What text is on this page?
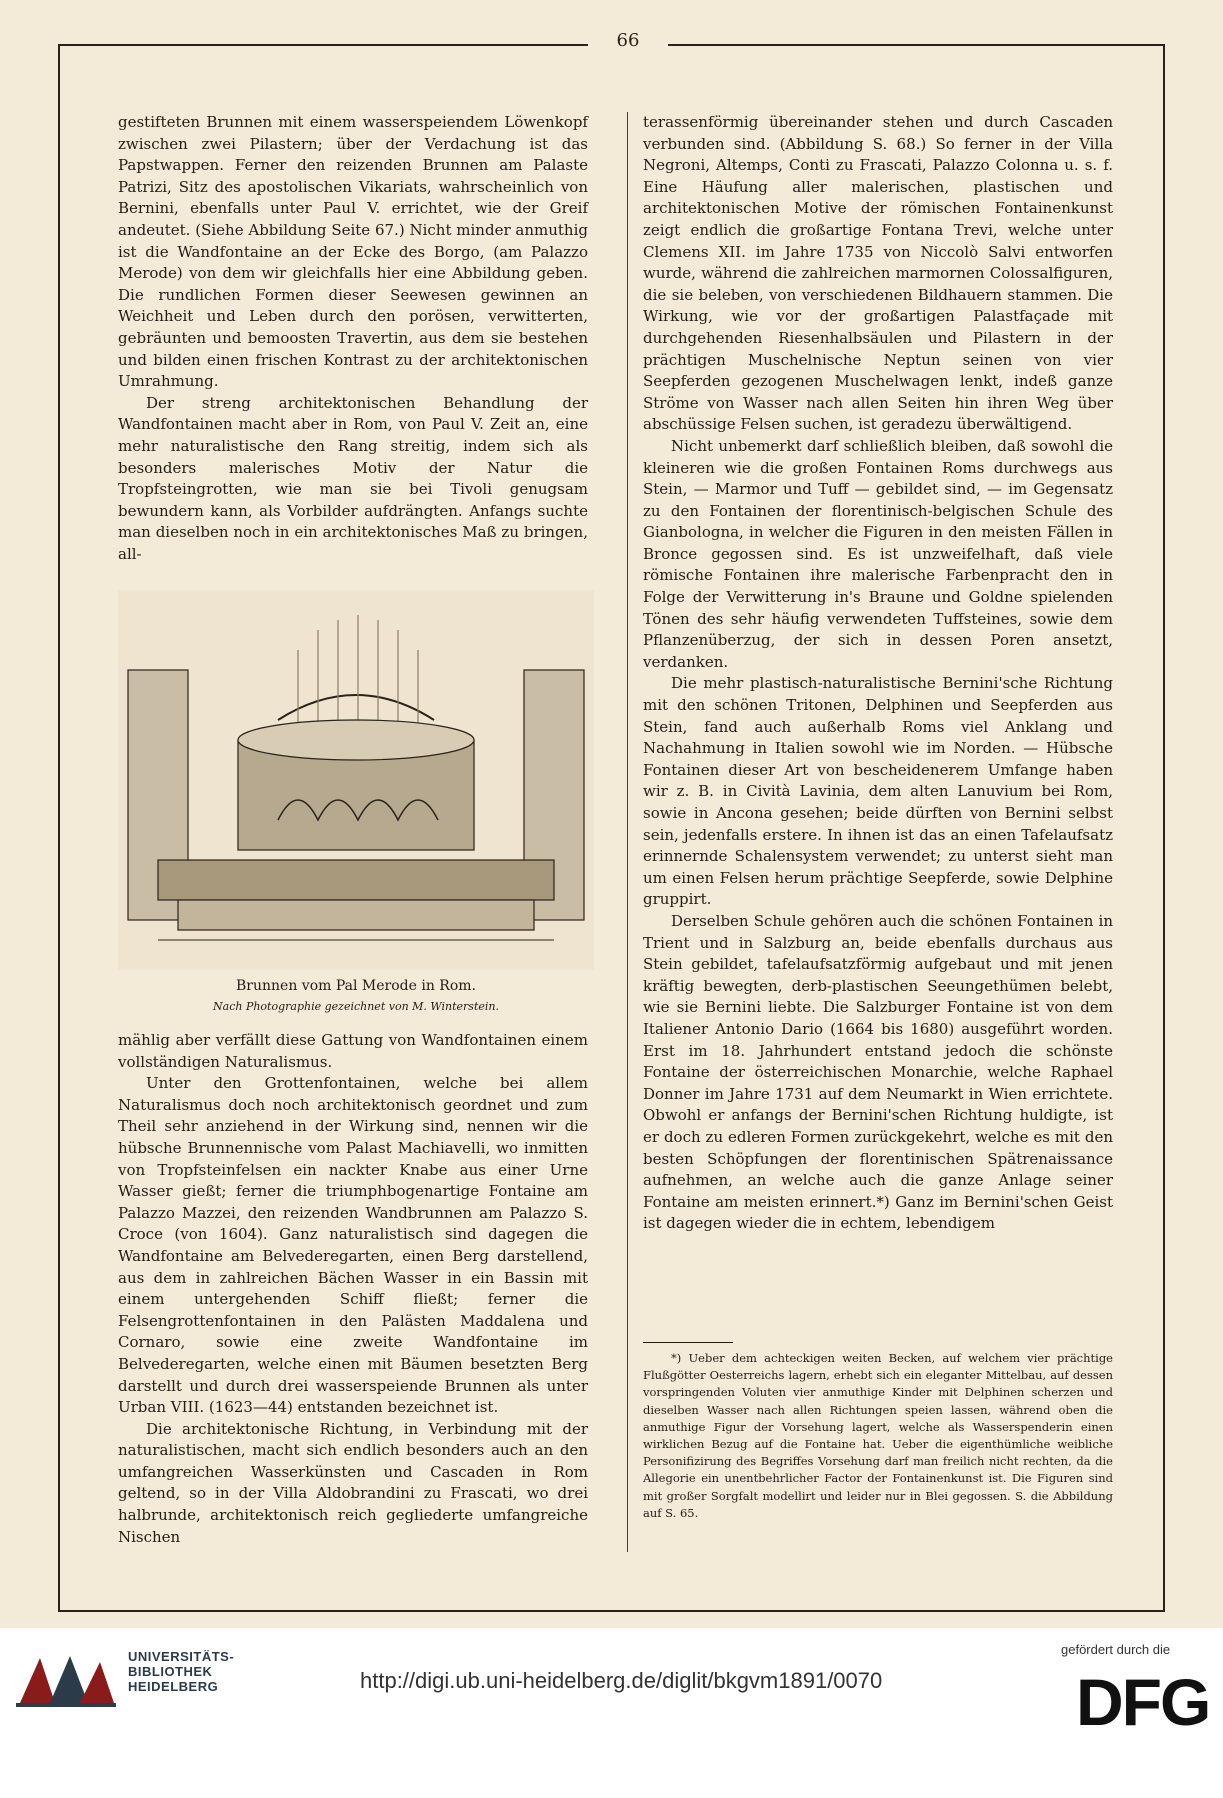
66

gestifteten Brunnen mit einem wasserspeiendem Löwenkopf zwischen zwei Pilastern; über der Verdachung ist das Papstwappen. Ferner den reizenden Brunnen am Palaste Patrizi, Sitz des apostolischen Vikariats, wahrscheinlich von Bernini, ebenfalls unter Paul V. errichtet, wie der Greif andeutet. (Siehe Abbildung Seite 67.) Nicht minder anmuthig ist die Wandfontaine an der Ecke des Borgo, (am Palazzo Merode) von dem wir gleichfalls hier eine Abbildung geben. Die rundlichen Formen dieser Seewesen gewinnen an Weichheit und Leben durch den porösen, verwitterten, gebräunten und bemoosten Travertin, aus dem sie bestehen und bilden einen frischen Kontrast zu der architektonischen Umrahmung.

Der streng architektonischen Behandlung der Wandfontainen macht aber in Rom, von Paul V. Zeit an, eine mehr naturalistische den Rang streitig, indem sich als besonders malerisches Motiv der Natur die Tropfsteingrotten, wie man sie bei Tivoli genugsam bewundern kann, als Vorbilder aufdrängten. Anfangs suchte man dieselben noch in ein architektonisches Maß zu bringen, all-

Brunnen vom Pal Merode in Rom.
Nach Photographie gezeichnet von M. Winterstein.

mählig aber verfällt diese Gattung von Wandfontainen einem vollständigen Naturalismus.

Unter den Grottenfontainen, welche bei allem Naturalismus doch noch architektonisch geordnet und zum Theil sehr anziehend in der Wirkung sind, nennen wir die hübsche Brunnennische vom Palast Machiavelli, wo inmitten von Tropfsteinfelsen ein nackter Knabe aus einer Urne Wasser gießt; ferner die triumphbogenartige Fontaine am Palazzo Mazzei, den reizenden Wandbrunnen am Palazzo S. Croce (von 1604). Ganz naturalistisch sind dagegen die Wandfontaine am Belvederegarten, einen Berg darstellend, aus dem in zahlreichen Bächen Wasser in ein Bassin mit einem untergehenden Schiff fließt; ferner die Felsengrottenfontainen in den Palästen Maddalena und Cornaro, sowie eine zweite Wandfontaine im Belvederegarten, welche einen mit Bäumen besetzten Berg darstellt und durch drei wasserspeiende Brunnen als unter Urban VIII. (1623—44) entstanden bezeichnet ist.

Die architektonische Richtung, in Verbindung mit der naturalistischen, macht sich endlich besonders auch an den umfangreichen Wasserkünsten und Cascaden in Rom geltend, so in der Villa Aldobrandini zu Frascati, wo drei halbrunde, architektonisch reich gegliederte umfangreiche Nischen

terassenförmig übereinander stehen und durch Cascaden verbunden sind. (Abbildung S. 68.) So ferner in der Villa Negroni, Altemps, Conti zu Frascati, Palazzo Colonna u. s. f. Eine Häufung aller malerischen, plastischen und architektonischen Motive der römischen Fontainenkunst zeigt endlich die großartige Fontana Trevi, welche unter Clemens XII. im Jahre 1735 von Niccolò Salvi entworfen wurde, während die zahlreichen marmornen Colossalfiguren, die sie beleben, von verschiedenen Bildhauern stammen. Die Wirkung, wie vor der großartigen Palastfaçade mit durchgehenden Riesenhalbsäulen und Pilastern in der prächtigen Muschelnische Neptun seinen von vier Seepferden gezogenen Muschelwagen lenkt, indeß ganze Ströme von Wasser nach allen Seiten hin ihren Weg über abschüssige Felsen suchen, ist geradezu überwältigend.

Nicht unbemerkt darf schließlich bleiben, daß sowohl die kleineren wie die großen Fontainen Roms durchwegs aus Stein, — Marmor und Tuff — gebildet sind, — im Gegensatz zu den Fontainen der florentinisch-belgischen Schule des Gianbologna, in welcher die Figuren in den meisten Fällen in Bronce gegossen sind. Es ist unzweifelhaft, daß viele römische Fontainen ihre malerische Farbenpracht den in Folge der Verwitterung in's Braune und Goldne spielenden Tönen des sehr häufig verwendeten Tuffsteines, sowie dem Pflanzenüberzug, der sich in dessen Poren ansetzt, verdanken.

Die mehr plastisch-naturalistische Bernini'sche Richtung mit den schönen Tritonen, Delphinen und Seepferden aus Stein, fand auch außerhalb Roms viel Anklang und Nachahmung in Italien sowohl wie im Norden. — Hübsche Fontainen dieser Art von bescheidenerem Umfange haben wir z. B. in Cività Lavinia, dem alten Lanuvium bei Rom, sowie in Ancona gesehen; beide dürften von Bernini selbst sein, jedenfalls erstere. In ihnen ist das an einen Tafelaufsatz erinnernde Schalensystem verwendet; zu unterst sieht man um einen Felsen herum prächtige Seepferde, sowie Delphine gruppirt.

Derselben Schule gehören auch die schönen Fontainen in Trient und in Salzburg an, beide ebenfalls durchaus aus Stein gebildet, tafelaufsatzförmig aufgebaut und mit jenen kräftig bewegten, derb-plastischen Seeungethümen belebt, wie sie Bernini liebte. Die Salzburger Fontaine ist von dem Italiener Antonio Dario (1664 bis 1680) ausgeführt worden. Erst im 18. Jahrhundert entstand jedoch die schönste Fontaine der österreichischen Monarchie, welche Raphael Donner im Jahre 1731 auf dem Neumarkt in Wien errichtete. Obwohl er anfangs der Bernini'schen Richtung huldigte, ist er doch zu edleren Formen zurückgekehrt, welche es mit den besten Schöpfungen der florentinischen Spätrenaissance aufnehmen, an welche auch die ganze Anlage seiner Fontaine am meisten erinnert.*) Ganz im Bernini'schen Geist ist dagegen wieder die in echtem, lebendigem

*) Ueber dem achteckigen weiten Becken, auf welchem vier prächtige Flußgötter Oesterreichs lagern, erhebt sich ein eleganter Mittelbau, auf dessen vorspringenden Voluten vier anmuthige Kinder mit Delphinen scherzen und dieselben Wasser nach allen Richtungen speien lassen, während oben die anmuthige Figur der Vorsehung lagert, welche als Wasserspenderin einen wirklichen Bezug auf die Fontaine hat. Ueber die eigenthümliche weibliche Personifizirung des Begriffes Vorsehung darf man freilich nicht rechten, da die Allegorie ein unentbehrlicher Factor der Fontainenkunst ist. Die Figuren sind mit großer Sorgfalt modellirt und leider nur in Blei gegossen. S. die Abbildung auf S. 65.

UNIVERSITÄTS-
BIBLIOTHEK
HEIDELBERG	http://digi.ub.uni-heidelberg.de/diglit/bkgvm1891/0070
gefördert durch die
DFG
